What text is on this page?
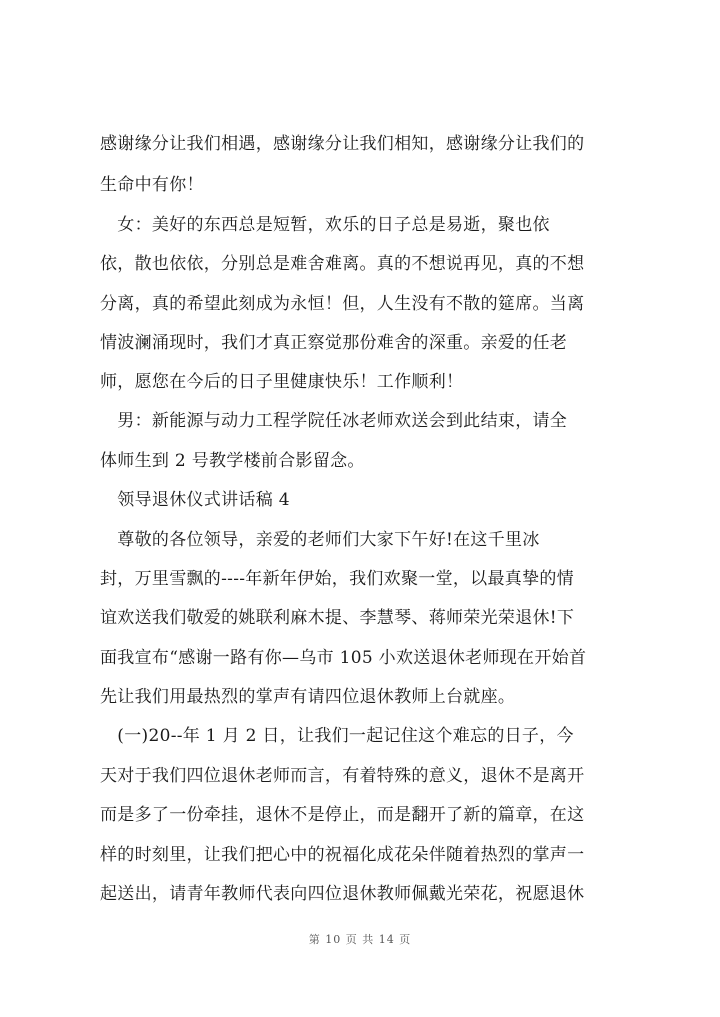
感谢缘分让我们相遇，感谢缘分让我们相知，感谢缘分让我们的
生命中有你！
　女：美好的东西总是短暂，欢乐的日子总是易逝，聚也依
依，散也依依，分别总是难舍难离。真的不想说再见，真的不想
分离，真的希望此刻成为永恒！但，人生没有不散的筵席。当离
情波澜涌现时，我们才真正察觉那份难舍的深重。亲爱的任老
师，愿您在今后的日子里健康快乐！工作顺利！
　男：新能源与动力工程学院任冰老师欢送会到此结束，请全
体师生到 2 号教学楼前合影留念。
　领导退休仪式讲话稿 4
　尊敬的各位领导，亲爱的老师们大家下午好!在这千里冰
封，万里雪飘的----年新年伊始，我们欢聚一堂，以最真挚的情
谊欢送我们敬爱的姚联利麻木提、李慧琴、蒋师荣光荣退休!下
面我宣布“感谢一路有你—乌市 105 小欢送退休老师现在开始首
先让我们用最热烈的掌声有请四位退休教师上台就座。
　(一)20--年 1 月 2 日，让我们一起记住这个难忘的日子，今
天对于我们四位退休老师而言，有着特殊的意义，退休不是离开
而是多了一份牵挂，退休不是停止，而是翻开了新的篇章，在这
样的时刻里，让我们把心中的祝福化成花朵伴随着热烈的掌声一
起送出，请青年教师代表向四位退休教师佩戴光荣花，祝愿退休
第 10 页 共 14 页
